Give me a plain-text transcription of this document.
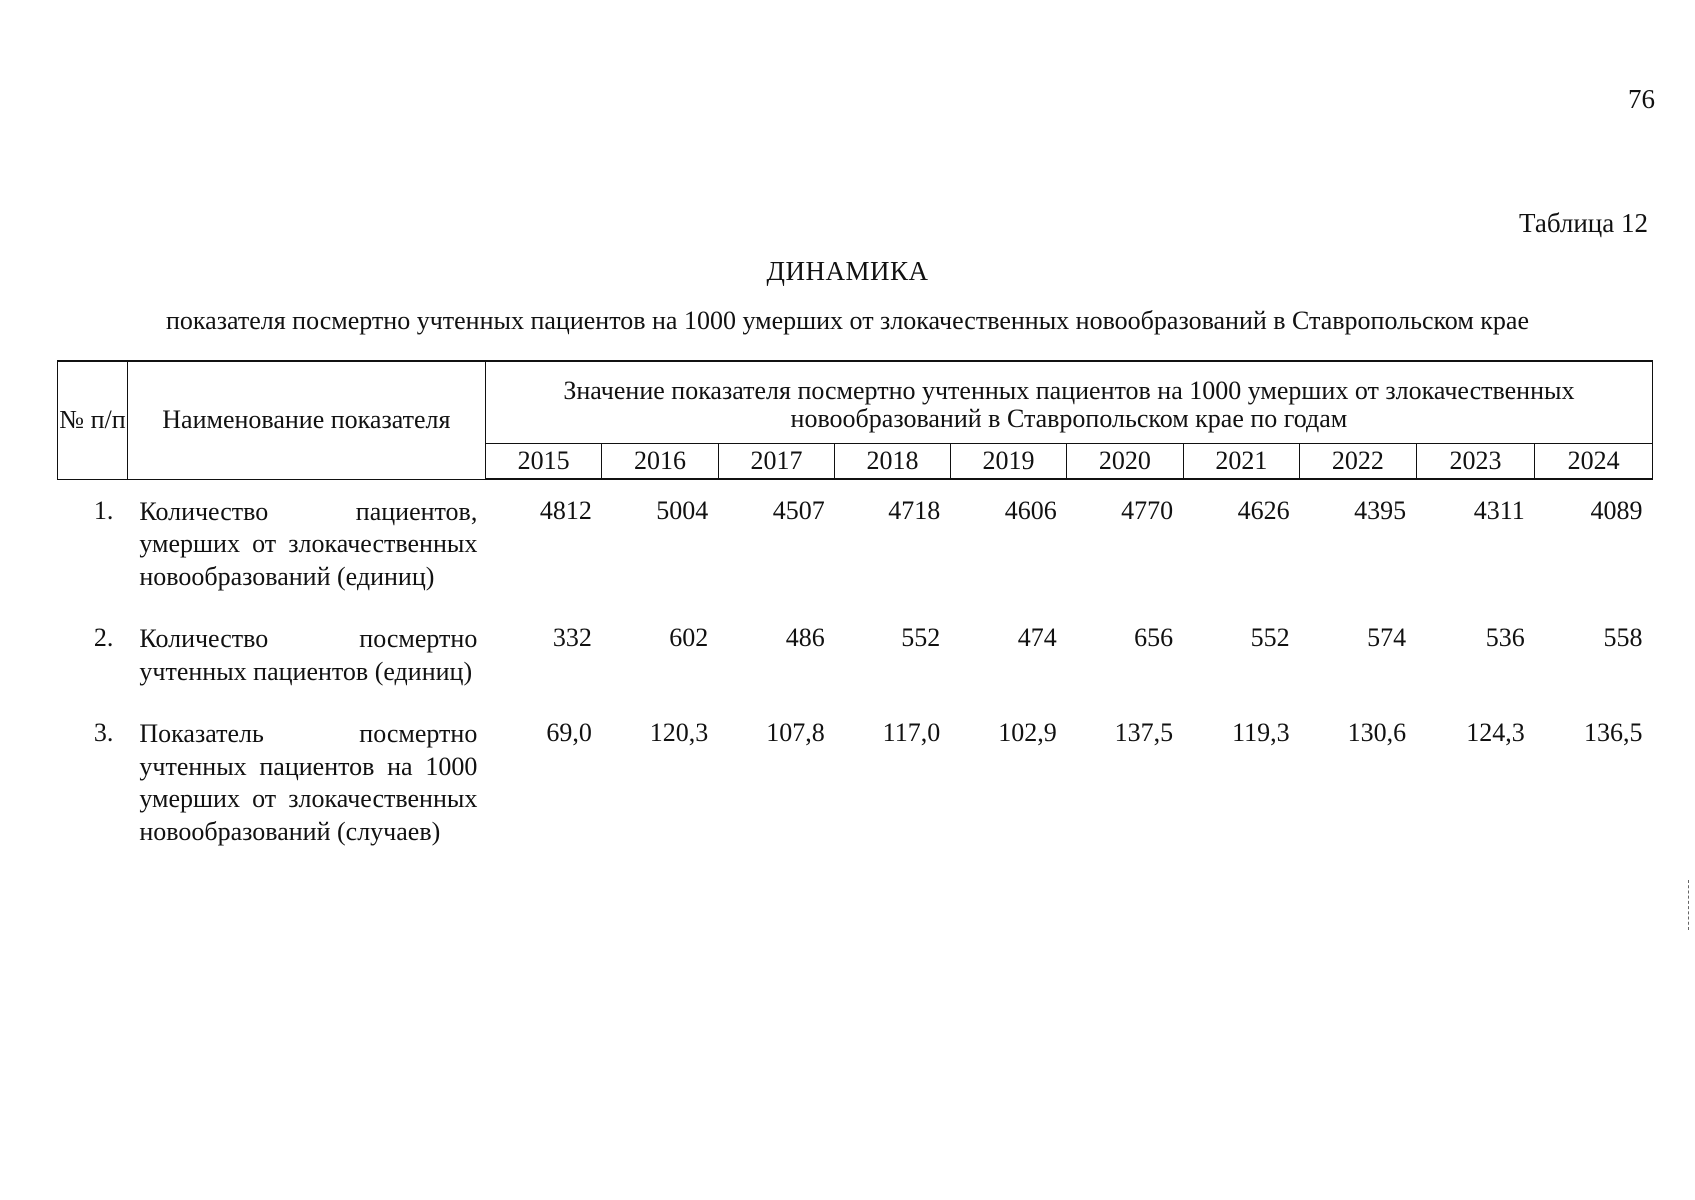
76
Таблица 12
ДИНАМИКА
показателя посмертно учтенных пациентов на 1000 умерших от злокачественных новообразований в Ставропольском крае
№ п/п	Наименование показателя	Значение показателя посмертно учтенных пациентов на 1000 умерших от злокачественных новообразований в Ставропольском крае по годам									
		2015	2016	2017	2018	2019	2020	2021	2022	2023	2024
1.	Количество пациентов, умерших от злокачественных новообразований (единиц)	4812	5004	4507	4718	4606	4770	4626	4395	4311	4089
2.	Количество посмертно учтенных пациентов (единиц)	332	602	486	552	474	656	552	574	536	558
3.	Показатель посмертно учтенных пациентов на 1000 умерших от злокачественных новообразований (случаев)	69,0	120,3	107,8	117,0	102,9	137,5	119,3	130,6	124,3	136,5
